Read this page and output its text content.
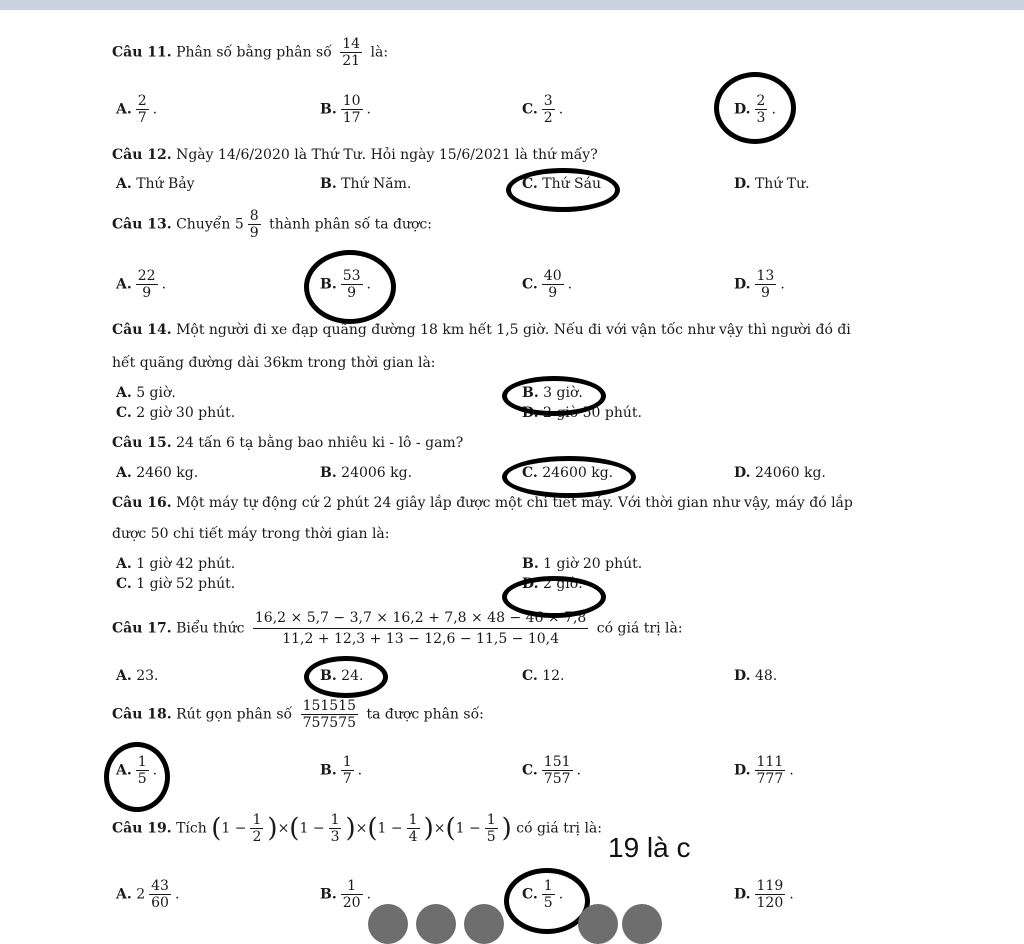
Câu 11. Phân số bằng phân số $\frac{14}{21}$ là:
A. $\frac{2}{7}$ .	B. $\frac{10}{17}$ .	C. $\frac{3}{2}$ .	D. $\frac{2}{3}$ .
Câu 12. Ngày 14/6/2020 là Thứ Tư. Hỏi ngày 15/6/2021 là thứ mấy?
A. Thứ Bảy	B. Thứ Năm.	C. Thứ Sáu	D. Thứ Tư.
Câu 13. Chuyển $5 \frac{8}{9}$ thành phân số ta được:
A. $\frac{22}{9}$ .	B. $\frac{53}{9}$ .	C. $\frac{40}{9}$ .	D. $\frac{13}{9}$ .
Câu 14. Một người đi xe đạp quãng đường 18 km hết 1,5 giờ. Nếu đi với vận tốc như vậy thì người đó đi
hết quãng đường dài 36km trong thời gian là:
A. 5 giờ.	B. 3 giờ.
C. 2 giờ 30 phút.	D. 2 giờ 50 phút.
Câu 15. 24 tấn 6 tạ bằng bao nhiêu ki - lô - gam?
A. 2460 kg.	B. 24006 kg.	C. 24600 kg.	D. 24060 kg.
Câu 16. Một máy tự động cứ 2 phút 24 giây lắp được một chi tiết máy. Với thời gian như vậy, máy đó lắp
được 50 chi tiết máy trong thời gian là:
A. 1 giờ 42 phút.	B. 1 giờ 20 phút.
C. 1 giờ 52 phút.	D. 2 giờ.
Câu 17. Biểu thức $\frac{16,2 \times 5,7 - 3,7 \times 16,2 + 7,8 \times 48 - 46 \times 7,8}{11,2 + 12,3 + 13 - 12,6 - 11,5 - 10,4}$ có giá trị là:
A. 23.	B. 24.	C. 12.	D. 48.
Câu 18. Rút gọn phân số $\frac{151515}{757575}$ ta được phân số:
A. $\frac{1}{5}$ .	B. $\frac{1}{7}$ .	C. $\frac{151}{757}$ .	D. $\frac{111}{777}$ .
Câu 19. Tích $(1 - \frac{1}{2} )\times(1 - \frac{1}{3} )\times(1 - \frac{1}{4} )\times(1 - \frac{1}{5}$ ) có giá trị là:
A. $2 \frac{43}{60}$ .	B. $\frac{1}{20}$ .	C. $\frac{1}{5}$ .	D. $\frac{119}{120}$ .
19 là c
